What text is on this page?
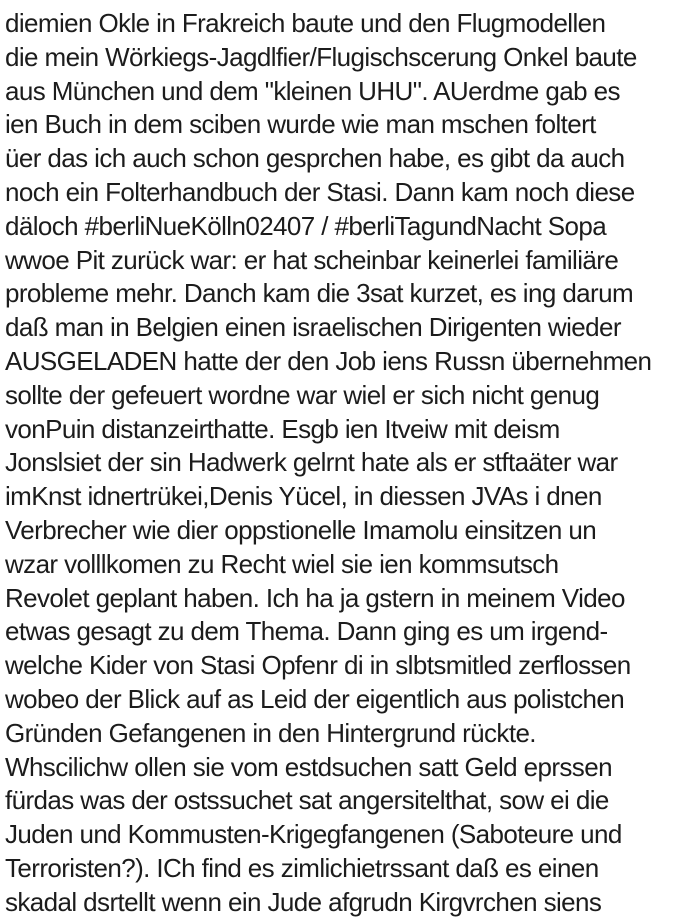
diemien Okle in Frakreich baute und den Flugmodellen
die mein Wörkiegs-Jagdlfier/Flugischscerung Onkel baute
aus München und dem "kleinen UHU". AUerdme gab es
ien Buch in dem sciben wurde wie man mschen foltert
üer das ich auch schon gesprchen habe, es gibt da auch
noch ein Folterhandbuch der Stasi. Dann kam noch diese
däloch #berliNueKölln02407 / #berliTagundNacht Sopa
wwoe Pit zurück war: er hat scheinbar keinerlei familiäre
probleme mehr. Danch kam die 3sat kurzet, es ing darum
daß man in Belgien einen israelischen Dirigenten wieder
AUSGELADEN hatte der den Job iens Russn übernehmen
sollte der gefeuert wordne war wiel er sich nicht genug
vonPuin distanzeirthatte. Esgb ien Itveiw mit deism
Jonslsiet der sin Hadwerk gelrnt hate als er stftaäter war
imKnst idnertrükei,Denis Yücel, in diessen JVAs i dnen
Verbrecher wie dier oppstionelle Imamolu einsitzen un
wzar volllkomen zu Recht wiel sie ien kommsutsch
Revolet geplant haben. Ich ha ja gstern in meinem Video
etwas gesagt zu dem Thema. Dann ging es um irgend-
welche Kider von Stasi Opfenr di in slbtsmitled zerflossen
wobeo der Blick auf as Leid der eigentlich aus polistchen
Gründen Gefangenen in den Hintergrund rückte.
Whscilichw ollen sie vom estdsuchen satt Geld eprssen
fürdas was der ostssuchet sat angersitelthat, sow ei die
Juden und Kommusten-Krigegfangenen (Saboteure und
Terroristen?). ICh find es zimlichietrssant daß es einen
skadal dsrtellt wenn ein Jude afgrudn Kirgvrchen siens
